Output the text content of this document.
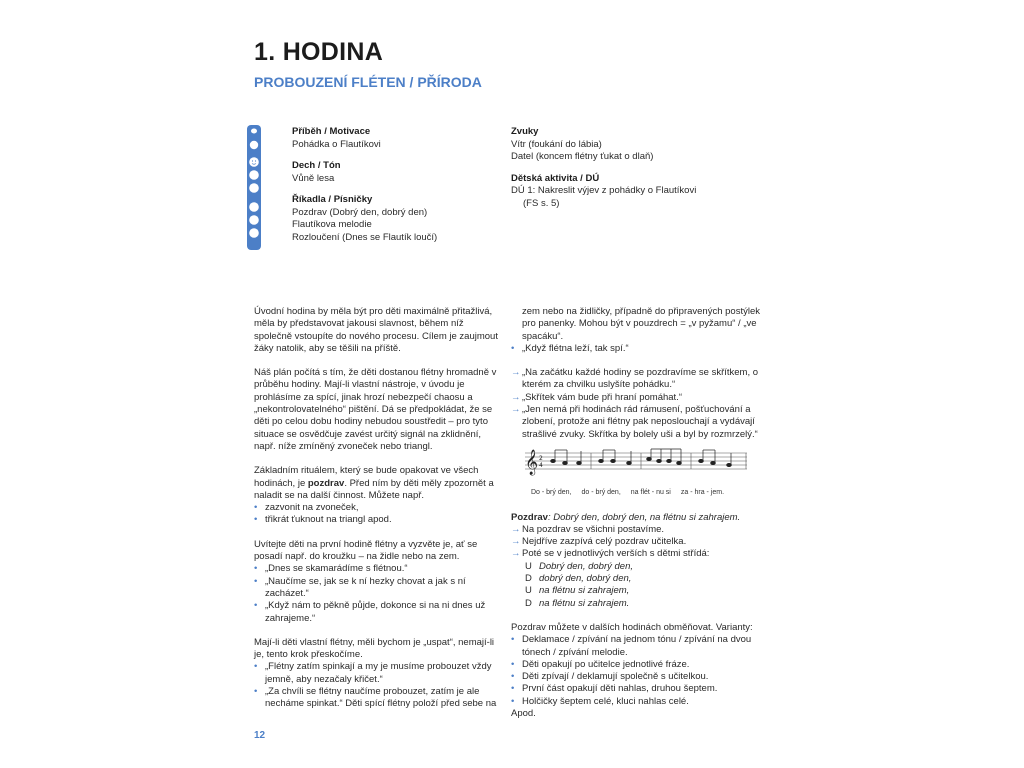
1. HODINA
PROBOUZENÍ FLÉTEN / PŘÍRODA
Příběh / Motivace
Pohádka o Flautíkovi
Dech / Tón
Vůně lesa
Říkadla / Písničky
Pozdrav (Dobrý den, dobrý den)
Flautíkova melodie
Rozloučení (Dnes se Flautík loučí)
Zvuky
Vítr (foukání do lábia)
Datel (koncem flétny ťukat o dlaň)
Dětská aktivita / DÚ
DÚ 1: Nakreslit výjev z pohádky o Flautíkovi
(FS s. 5)

Úvodní hodina by měla být pro děti maximálně přitažlivá, měla by představovat jakousi slavnost, během níž společně vstoupíte do nového procesu. Cílem je zaujmout žáky natolik, aby se těšili na příště.

Náš plán počítá s tím, že děti dostanou flétny hromadně v průběhu hodiny. Mají-li vlastní nástroje, v úvodu je prohlásíme za spící, jinak hrozí nebezpečí chaosu a „nekontrolovatelného“ pištění. Dá se předpokládat, že se děti po celou dobu hodiny nebudou soustředit – pro tyto situace se osvědčuje zavést určitý signál na zklidnění, např. níže zmíněný zvoneček nebo triangl.

Základním rituálem, který se bude opakovat ve všech hodinách, je pozdrav. Před ním by děti měly zpozornět a naladit se na další činnost. Můžete např.

• zazvonit na zvoneček,
• třikrát ťuknout na triangl apod.

Uvítejte děti na první hodině flétny a vyzvěte je, ať se posadí např. do kroužku – na židle nebo na zem.

• „Dnes se skamarádíme s flétnou.“
• „Naučíme se, jak se k ní hezky chovat a jak s ní zacházet.“
• „Když nám to pěkně půjde, dokonce si na ni dnes už zahrajeme.“

Mají-li děti vlastní flétny, měli bychom je „uspat“, nemají-li je, tento krok přeskočíme.

• „Flétny zatím spinkají a my je musíme probouzet vždy jemně, aby nezačaly křičet.“
• „Za chvíli se flétny naučíme probouzet, zatím je ale necháme spinkat.“ Děti spící flétny položí před sebe na

zem nebo na židličky, případně do připravených postýlek pro panenky. Mohou být v pouzdrech = „v pyžamu“ / „ve spacáku“.

• „Když flétna leží, tak spí.“
→ „Na začátku každé hodiny se pozdravíme se skřítkem, o kterém za chvilku uslyšíte pohádku.“
→ „Skřítek vám bude při hraní pomáhat.“
→ „Jen nemá při hodinách rád rámusení, pošťuchování a zlobení, protože ani flétny pak neposlouchají a vydávají strašlivé zvuky. Skřítka by bolely uši a byl by rozmrzelý.“
𝄞 2
4
Do - brý den, do - brý den, na flét - nu si za - hra - jem.

Pozdrav: Dobrý den, dobrý den, na flétnu si zahrajem.

→ Na pozdrav se všichni postavíme.
→ Nejdříve zazpívá celý pozdrav učitelka.
→ Poté se v jednotlivých verších s dětmi střídá:
U Dobrý den, dobrý den,
D dobrý den, dobrý den,
U na flétnu si zahrajem,
D na flétnu si zahrajem.

Pozdrav můžete v dalších hodinách obměňovat. Varianty:

• Deklamace / zpívání na jednom tónu / zpívání na dvou tónech / zpívání melodie.
• Děti opakují po učitelce jednotlivé fráze.
• Děti zpívají / deklamují společně s učitelkou.
• První část opakují děti nahlas, druhou šeptem.
• Holčičky šeptem celé, kluci nahlas celé.

Apod.

12
